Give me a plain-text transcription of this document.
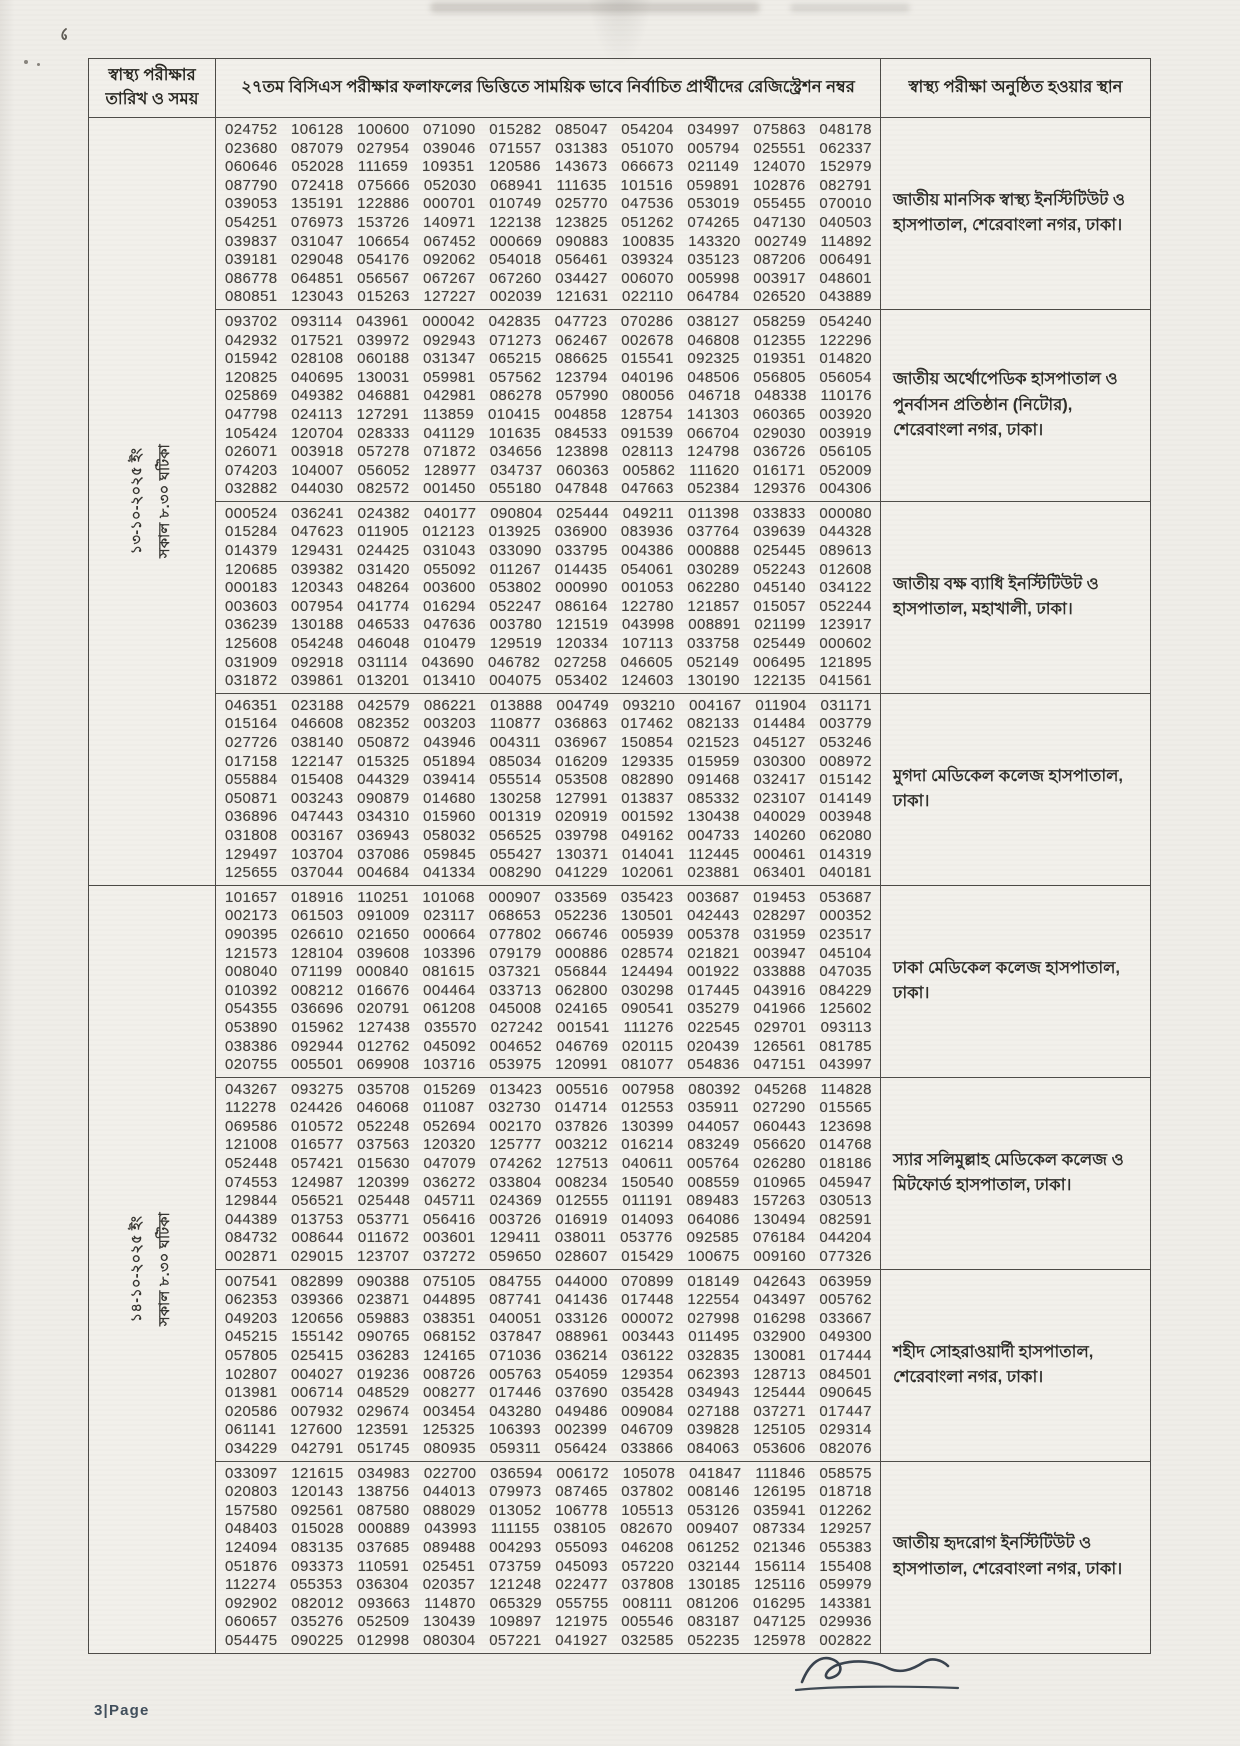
স্বাস্থ্য পরীক্ষার তারিখ ও সময়	২৭তম বিসিএস পরীক্ষার ফলাফলের ভিত্তিতে সাময়িক ভাবে নির্বাচিত প্রার্থীদের রেজিস্ট্রেশন নম্বর	স্বাস্থ্য পরীক্ষা অনুষ্ঠিত হওয়ার স্থান

১৩-১০-২০২৫ ইং সকাল ৮.৩০ ঘটিকা

024752 106128 100600 071090 015282 085047 054204 034997 075863 048178
023680 087079 027954 039046 071557 031383 051070 005794 025551 062337
060646 052028 111659 109351 120586 143673 066673 021149 124070 152979
087790 072418 075666 052030 068941 111635 101516 059891 102876 082791
039053 135191 122886 000701 010749 025770 047536 053019 055455 070010
054251 076973 153726 140971 122138 123825 051262 074265 047130 040503
039837 031047 106654 067452 000669 090883 100835 143320 002749 114892
039181 029048 054176 092062 054018 056461 039324 035123 087206 006491
086778 064851 056567 067267 067260 034427 006070 005998 003917 048601
080851 123043 015263 127227 002039 121631 022110 064784 026520 043889
	জাতীয় মানসিক স্বাস্থ্য ইনস্টিটিউট ও হাসপাতাল, শেরেবাংলা নগর, ঢাকা।

093702 093114 043961 000042 042835 047723 070286 038127 058259 054240
042932 017521 039972 092943 071273 062467 002678 046808 012355 122296
015942 028108 060188 031347 065215 086625 015541 092325 019351 014820
120825 040695 130031 059981 057562 123794 040196 048506 056805 056054
025869 049382 046881 042981 086278 057990 080056 046718 048338 110176
047798 024113 127291 113859 010415 004858 128754 141303 060365 003920
105424 120704 028333 041129 101635 084533 091539 066704 029030 003919
026071 003918 057278 071872 034656 123898 028113 124798 036726 056105
074203 104007 056052 128977 034737 060363 005862 111620 016171 052009
032882 044030 082572 001450 055180 047848 047663 052384 129376 004306
	জাতীয় অর্থোপেডিক হাসপাতাল ও পুনর্বাসন প্রতিষ্ঠান (নিটোর), শেরেবাংলা নগর, ঢাকা।

000524 036241 024382 040177 090804 025444 049211 011398 033833 000080
015284 047623 011905 012123 013925 036900 083936 037764 039639 044328
014379 129431 024425 031043 033090 033795 004386 000888 025445 089613
120685 039382 031420 055092 011267 014435 054061 030289 052243 012608
000183 120343 048264 003600 053802 000990 001053 062280 045140 034122
003603 007954 041774 016294 052247 086164 122780 121857 015057 052244
036239 130188 046533 047636 003780 121519 043998 008891 021199 123917
125608 054248 046048 010479 129519 120334 107113 033758 025449 000602
031909 092918 031114 043690 046782 027258 046605 052149 006495 121895
031872 039861 013201 013410 004075 053402 124603 130190 122135 041561
	জাতীয় বক্ষ ব্যাধি ইনস্টিটিউট ও হাসপাতাল, মহাখালী, ঢাকা।

046351 023188 042579 086221 013888 004749 093210 004167 011904 031171
015164 046608 082352 003203 110877 036863 017462 082133 014484 003779
027726 038140 050872 043946 004311 036967 150854 021523 045127 053246
017158 122147 015325 051894 085034 016209 129335 015959 030300 008972
055884 015408 044329 039414 055514 053508 082890 091468 032417 015142
050871 003243 090879 014680 130258 127991 013837 085332 023107 014149
036896 047443 034310 015960 001319 020919 001592 130438 040029 003948
031808 003167 036943 058032 056525 039798 049162 004733 140260 062080
129497 103704 037086 059845 055427 130371 014041 112445 000461 014319
125655 037044 004684 041334 008290 041229 102061 023881 063401 040181
	মুগদা মেডিকেল কলেজ হাসপাতাল, ঢাকা।

১৪-১০-২০২৫ ইং সকাল ৮.৩০ ঘটিকা

101657 018916 110251 101068 000907 033569 035423 003687 019453 053687
002173 061503 091009 023117 068653 052236 130501 042443 028297 000352
090395 026610 021650 000664 077802 066746 005939 005378 031959 023517
121573 128104 039608 103396 079179 000886 028574 021821 003947 045104
008040 071199 000840 081615 037321 056844 124494 001922 033888 047035
010392 008212 016676 004464 033713 062800 030298 017445 043916 084229
054355 036696 020791 061208 045008 024165 090541 035279 041966 125602
053890 015962 127438 035570 027242 001541 111276 022545 029701 093113
038386 092944 012762 045092 004652 046769 020115 020439 126561 081785
020755 005501 069908 103716 053975 120991 081077 054836 047151 043997
	ঢাকা মেডিকেল কলেজ হাসপাতাল, ঢাকা।

043267 093275 035708 015269 013423 005516 007958 080392 045268 114828
112278 024426 046068 011087 032730 014714 012553 035911 027290 015565
069586 010572 052248 052694 002170 037826 130399 044057 060443 123698
121008 016577 037563 120320 125777 003212 016214 083249 056620 014768
052448 057421 015630 047079 074262 127513 040611 005764 026280 018186
074553 124987 120399 036272 033804 008234 150540 008559 010965 045947
129844 056521 025448 045711 024369 012555 011191 089483 157263 030513
044389 013753 053771 056416 003726 016919 014093 064086 130494 082591
084732 008644 011672 003601 129411 038011 053776 092585 076184 044204
002871 029015 123707 037272 059650 028607 015429 100675 009160 077326
	স্যার সলিমুল্লাহ মেডিকেল কলেজ ও মিটফোর্ড হাসপাতাল, ঢাকা।

007541 082899 090388 075105 084755 044000 070899 018149 042643 063959
062353 039366 023871 044895 087741 041436 017448 122554 043497 005762
049203 120656 059883 038351 040051 033126 000072 027998 016298 033667
045215 155142 090765 068152 037847 088961 003443 011495 032900 049300
057805 025415 036283 124165 071036 036214 036122 032835 130081 017444
102807 004027 019236 008726 005763 054059 129354 062393 128713 084501
013981 006714 048529 008277 017446 037690 035428 034943 125444 090645
020586 007932 029674 003454 043280 049486 009084 027188 037271 017447
061141 127600 123591 125325 106393 002399 046709 039828 125105 029314
034229 042791 051745 080935 059311 056424 033866 084063 053606 082076
	শহীদ সোহরাওয়ার্দী হাসপাতাল, শেরেবাংলা নগর, ঢাকা।

033097 121615 034983 022700 036594 006172 105078 041847 111846 058575
020803 120143 138756 044013 079973 087465 037802 008146 126195 018718
157580 092561 087580 088029 013052 106778 105513 053126 035941 012262
048403 015028 000889 043993 111155 038105 082670 009407 087334 129257
124094 083135 037685 089488 004293 055093 046208 061252 021346 055383
051876 093373 110591 025451 073759 045093 057220 032144 156114 155408
112274 055353 036304 020357 121248 022477 037808 130185 125116 059979
092902 082012 093663 114870 065329 055755 008111 081206 016295 143381
060657 035276 052509 130439 109897 121975 005546 083187 047125 029936
054475 090225 012998 080304 057221 041927 032585 052235 125978 002822
	জাতীয় হৃদরোগ ইনস্টিটিউট ও হাসপাতাল, শেরেবাংলা নগর, ঢাকা।
3|Page
